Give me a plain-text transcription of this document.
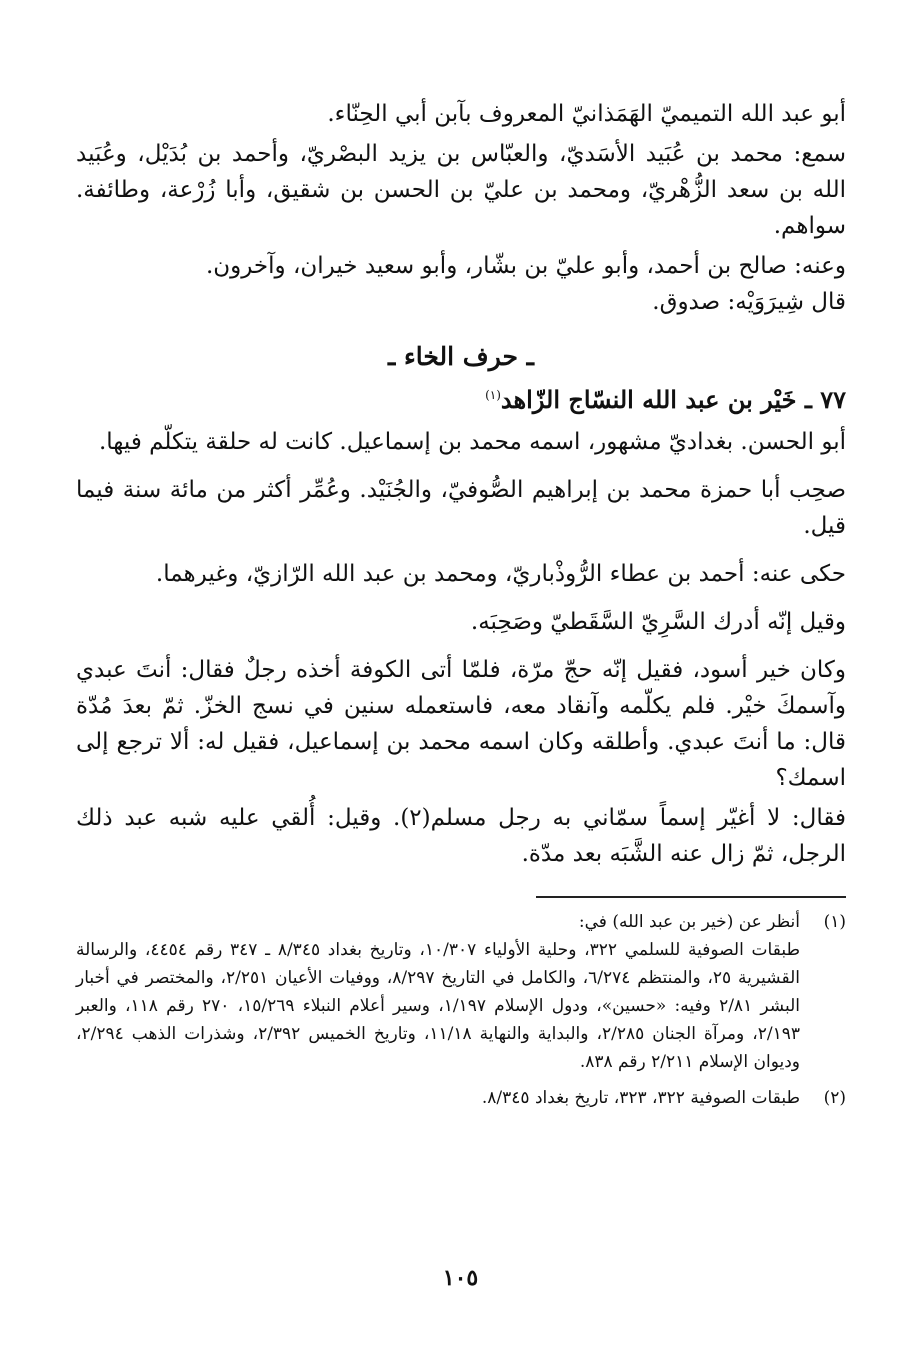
أبو عبد الله التميميّ الهَمَذانيّ المعروف بآبن أبي الحِنّاء.

سمع: محمد بن عُبَيد الأسَديّ، والعبّاس بن يزيد البصْريّ، وأحمد بن بُدَيْل، وعُبَيد الله بن سعد الزُّهْريّ، ومحمد بن عليّ بن الحسن بن شقيق، وأبا زُرْعة، وطائفة. سواهم.

وعنه: صالح بن أحمد، وأبو عليّ بن بشّار، وأبو سعيد خيران، وآخرون.

قال شِيرَوَيْه: صدوق.

ـ حرف الخاء ـ
٧٧ ـ خَيْر بن عبد الله النسّاج الزّاهد$^{(١)}$

أبو الحسن. بغداديّ مشهور، اسمه محمد بن إسماعيل. كانت له حلقة يتكلّم فيها.

صحِب أبا حمزة محمد بن إبراهيم الصُّوفيّ، والجُنَيْد. وعُمِّر أكثر من مائة سنة فيما قيل.

حكى عنه: أحمد بن عطاء الرُّوذْباريّ، ومحمد بن عبد الله الرّازيّ، وغيرهما.

وقيل إنّه أدرك السَّرِيّ السَّقَطيّ وصَحِبَه.

وكان خير أسود، فقيل إنّه حجّ مرّة، فلمّا أتى الكوفة أخذه رجلٌ فقال: أنتَ عبدي وآسمكَ خيْر. فلم يكلّمه وآنقاد معه، فاستعمله سنين في نسج الخزّ. ثمّ بعدَ مُدّة قال: ما أنتَ عبدي. وأطلقه وكان اسمه محمد بن إسماعيل، فقيل له: ألا ترجع إلى اسمك؟

فقال: لا أغيّر إسماً سمّاني به رجل مسلم(٢). وقيل: أُلقي عليه شبه عبد ذلك الرجل، ثمّ زال عنه الشَّبَه بعد مدّة.

(١)

أنظر عن (خير بن عبد الله) في:

طبقات الصوفية للسلمي ٣٢٢، وحلية الأولياء ١٠/٣٠٧، وتاريخ بغداد ٨/٣٤٥ ـ ٣٤٧ رقم ٤٤٥٤، والرسالة القشيرية ٢٥، والمنتظم ٦/٢٧٤، والكامل في التاريخ ٨/٢٩٧، ووفيات الأعيان ٢/٢٥١، والمختصر في أخبار البشر ٢/٨١ وفيه: «حسين»، ودول الإسلام ١/١٩٧، وسير أعلام النبلاء ١٥/٢٦٩، ٢٧٠ رقم ١١٨، والعبر ٢/١٩٣، ومرآة الجنان ٢/٢٨٥، والبداية والنهاية ١١/١٨، وتاريخ الخميس ٢/٣٩٢، وشذرات الذهب ٢/٢٩٤، وديوان الإسلام ٢/٢١١ رقم ٨٣٨.

(٢)

طبقات الصوفية ٣٢٢، ٣٢٣، تاريخ بغداد ٨/٣٤٥.

١٠٥
